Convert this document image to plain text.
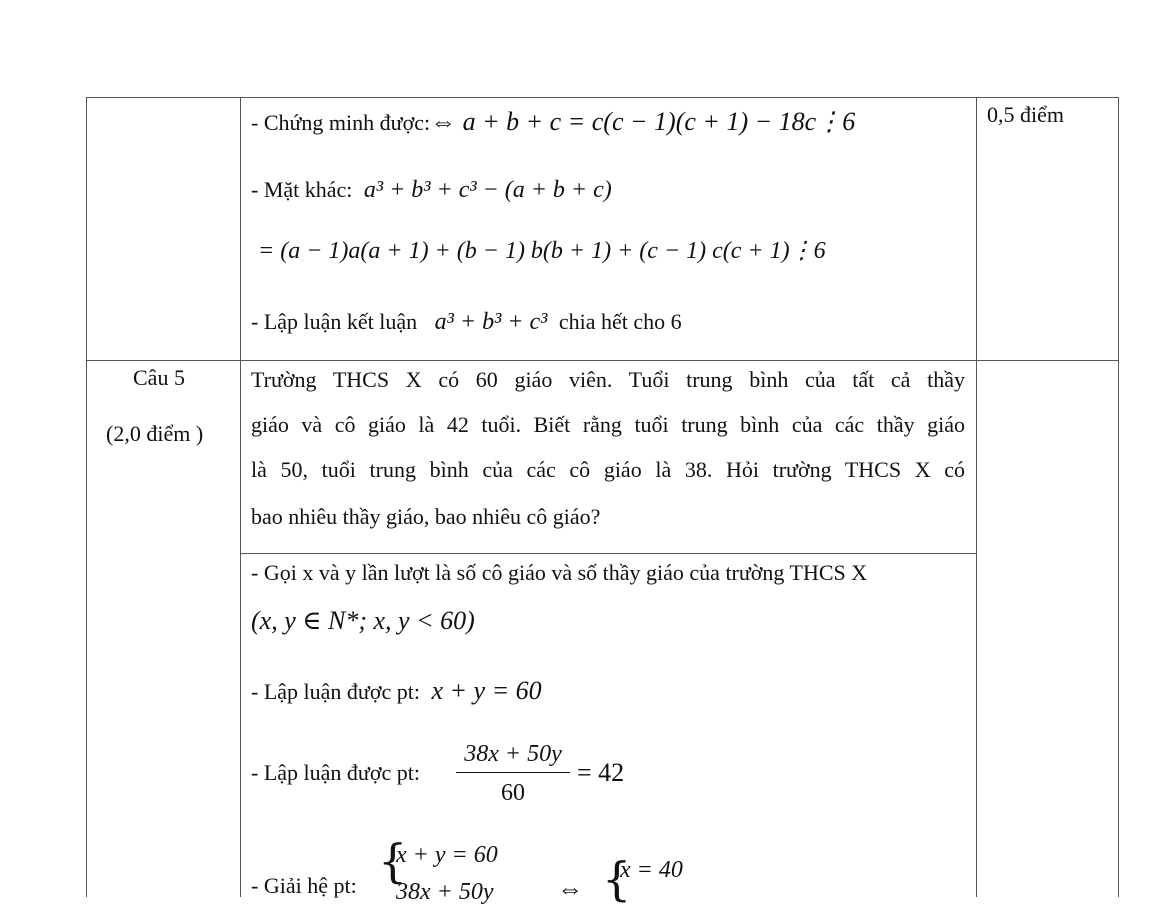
0,5 điểm
- Chứng minh được:⇔ a + b + c = c(c − 1)(c + 1) − 18c⋮6
- Mặt khác: a³ + b³ + c³ − (a + b + c)
= (a − 1)a(a + 1) + (b − 1) b(b + 1) + (c − 1) c(c + 1)⋮6
- Lập luận kết luận a³ + b³ + c³ chia hết cho 6
Câu 5
(2,0 điểm )
Trường THCS X có 60 giáo viên. Tuổi trung bình của tất cả thầy
giáo và cô giáo là 42 tuổi. Biết rằng tuổi trung bình của các thầy giáo
là 50, tuổi trung bình của các cô giáo là 38. Hỏi trường THCS X có
bao nhiêu thầy giáo, bao nhiêu cô giáo?
- Gọi x và y lần lượt là số cô giáo và số thầy giáo của trường THCS X
(x, y ∈ N*; x, y < 60)
- Lập luận được pt: x + y = 60
- Lập luận được pt:
38x + 50y
60
= 42
- Giải hệ pt: {
x + y = 60
38x + 50y ⇔ {
x = 40
